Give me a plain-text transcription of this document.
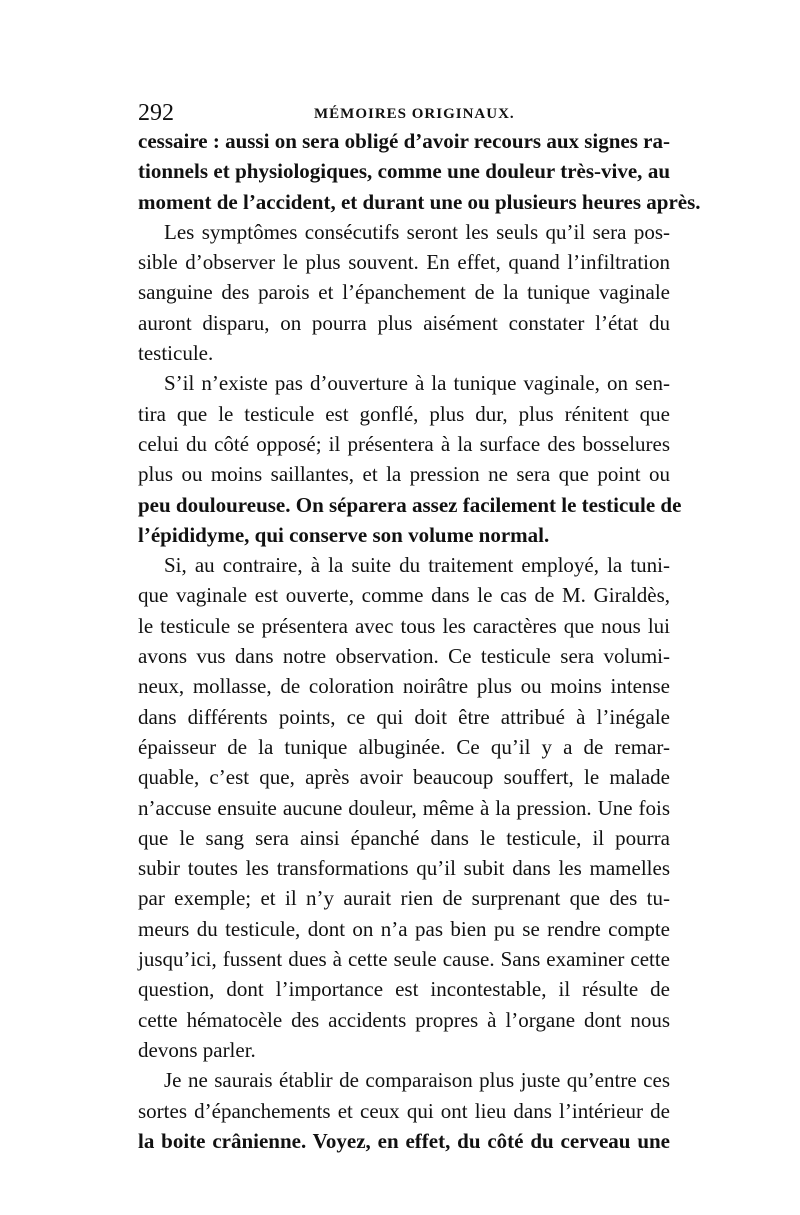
292	MÉMOIRES ORIGINAUX.
cessaire : aussi on sera obligé d’avoir recours aux signes ra-
tionnels et physiologiques, comme une douleur très-vive, au
moment de l’accident, et durant une ou plusieurs heures après.
Les symptômes consécutifs seront les seuls qu’il sera pos-
sible d’observer le plus souvent. En effet, quand l’infiltration
sanguine des parois et l’épanchement de la tunique vaginale
auront disparu, on pourra plus aisément constater l’état du
testicule.
S’il n’existe pas d’ouverture à la tunique vaginale, on sen-
tira que le testicule est gonflé, plus dur, plus rénitent que
celui du côté opposé; il présentera à la surface des bosselures
plus ou moins saillantes, et la pression ne sera que point ou
peu douloureuse. On séparera assez facilement le testicule de
l’épididyme, qui conserve son volume normal.
Si, au contraire, à la suite du traitement employé, la tuni-
que vaginale est ouverte, comme dans le cas de M. Giraldès,
le testicule se présentera avec tous les caractères que nous lui
avons vus dans notre observation. Ce testicule sera volumi-
neux, mollasse, de coloration noirâtre plus ou moins intense
dans différents points, ce qui doit être attribué à l’inégale
épaisseur de la tunique albuginée. Ce qu’il y a de remar-
quable, c’est que, après avoir beaucoup souffert, le malade
n’accuse ensuite aucune douleur, même à la pression. Une fois
que le sang sera ainsi épanché dans le testicule, il pourra
subir toutes les transformations qu’il subit dans les mamelles
par exemple; et il n’y aurait rien de surprenant que des tu-
meurs du testicule, dont on n’a pas bien pu se rendre compte
jusqu’ici, fussent dues à cette seule cause. Sans examiner cette
question, dont l’importance est incontestable, il résulte de
cette hématocèle des accidents propres à l’organe dont nous
devons parler.
Je ne saurais établir de comparaison plus juste qu’entre ces
sortes d’épanchements et ceux qui ont lieu dans l’intérieur de
la boite crânienne. Voyez, en effet, du côté du cerveau une
